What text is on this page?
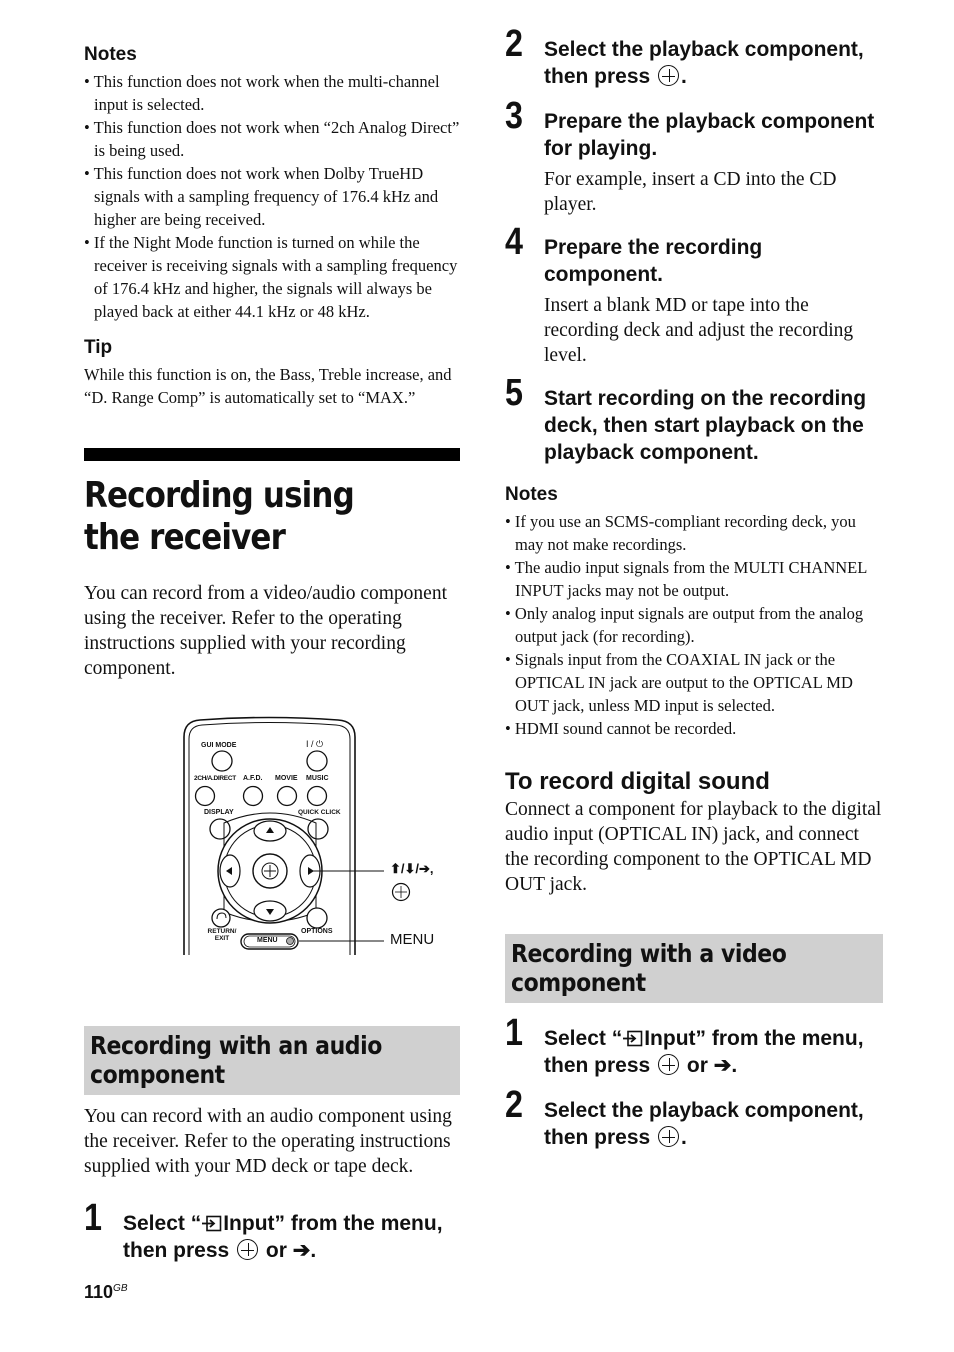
Notes

• This function does not work when the multi-channel input is selected.

• This function does not work when “2ch Analog Direct” is being used.

• This function does not work when Dolby TrueHD signals with a sampling frequency of 176.4 kHz and higher are being received.

• If the Night Mode function is turned on while the receiver is receiving signals with a sampling frequency of 176.4 kHz and higher, the signals will always be played back at either 44.1 kHz or 48 kHz.

Tip

While this function is on, the Bass, Treble increase, and “D. Range Comp” is automatically set to “MAX.”

Recording using the receiver

You can record from a video/audio component using the receiver. Refer to the operating instructions supplied with your recording component.

GUI MODE	I / ⏻
2CH/A.DIRECT A.F.D. MOVIE MUSIC
DISPLAY	QUICK CLICK
RETURN/ EXIT
OPTIONS
MENU
⬆/⬇/➔,
MENU
Recording with an audio component

You can record with an audio component using the receiver. Refer to the operating instructions supplied with your MD deck or tape deck.

1 Select “ Input” from the menu, then press or ➔.

2 Select the playback component, then press .

3 Prepare the playback component for playing.

For example, insert a CD into the CD player.

4 Prepare the recording component.

Insert a blank MD or tape into the recording deck and adjust the recording level.

5 Start recording on the recording deck, then start playback on the playback component.

Notes

• If you use an SCMS-compliant recording deck, you may not make recordings.

• The audio input signals from the MULTI CHANNEL INPUT jacks may not be output.

• Only analog input signals are output from the analog output jack (for recording).

• Signals input from the COAXIAL IN jack or the OPTICAL IN jack are output to the OPTICAL MD OUT jack, unless MD input is selected.

• HDMI sound cannot be recorded.

To record digital sound

Connect a component for playback to the digital audio input (OPTICAL IN) jack, and connect the recording component to the OPTICAL MD OUT jack.

Recording with a video component
1 Select “ Input” from the menu, then press or ➔.

2 Select the playback component, then press .

$110^{GB}$
